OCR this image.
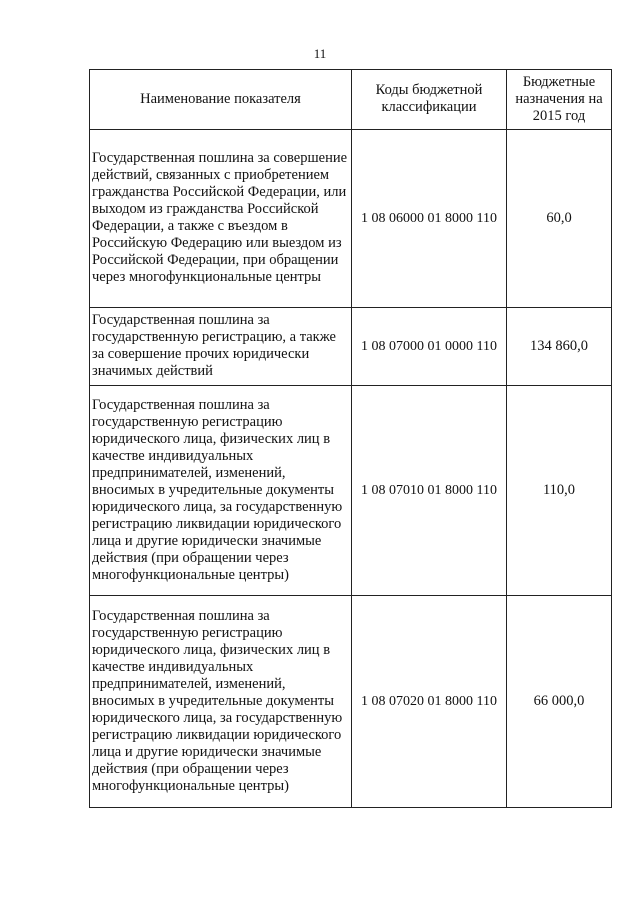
11
Наименование показателя	Коды бюджетной классификации	Бюджетные назначения на 2015 год
Государственная пошлина за совершение действий, связанных с приобретением гражданства Российской Федерации, или выходом из гражданства Российской Федерации, а также с въездом в Российскую Федерацию или выездом из Российской Федерации, при обращении через многофункциональные центры	1 08 06000 01 8000 110	60,0
Государственная пошлина за государственную регистрацию, а также за совершение прочих юридически значимых действий	1 08 07000 01 0000 110	134 860,0
Государственная пошлина за государственную регистрацию юридического лица, физических лиц в качестве индивидуальных предпринимателей, изменений, вносимых в учредительные документы юридического лица, за государственную регистрацию ликвидации юридического лица и другие юридически значимые действия (при обращении через многофункциональные центры)	1 08 07010 01 8000 110	110,0
Государственная пошлина за государственную регистрацию юридического лица, физических лиц в качестве индивидуальных предпринимателей, изменений, вносимых в учредительные документы юридического лица, за государственную регистрацию ликвидации юридического лица и другие юридически значимые действия (при обращении через многофункциональные центры)	1 08 07020 01 8000 110	66 000,0
